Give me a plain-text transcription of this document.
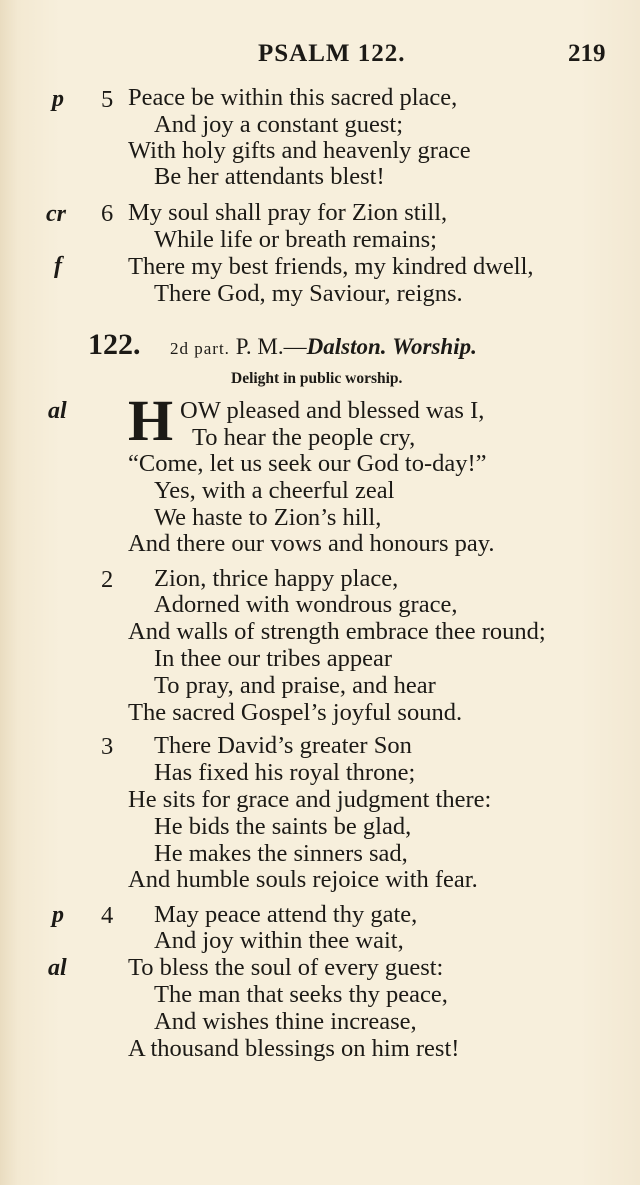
PSALM 122.	219
p 5 Peace be within this sacred place,
And joy a constant guest;
With holy gifts and heavenly grace
Be her attendants blest!
cr 6 My soul shall pray for Zion still,
While life or breath remains;
f	There my best friends, my kindred dwell,
There God, my Saviour, reigns.
122. 2d part. P. M.—Dalston. Worship.
Delight in public worship.
al H OW pleased and blessed was I,
To hear the people cry,
“Come, let us seek our God to-day!”
Yes, with a cheerful zeal
We haste to Zion’s hill,
And there our vows and honours pay.
2 Zion, thrice happy place,
Adorned with wondrous grace,
And walls of strength embrace thee round;
In thee our tribes appear
To pray, and praise, and hear
The sacred Gospel’s joyful sound.
3 There David’s greater Son
Has fixed his royal throne;
He sits for grace and judgment there:
He bids the saints be glad,
He makes the sinners sad,
And humble souls rejoice with fear.
p 4 May peace attend thy gate,
And joy within thee wait,
al	To bless the soul of every guest:
The man that seeks thy peace,
And wishes thine increase,
A thousand blessings on him rest!
